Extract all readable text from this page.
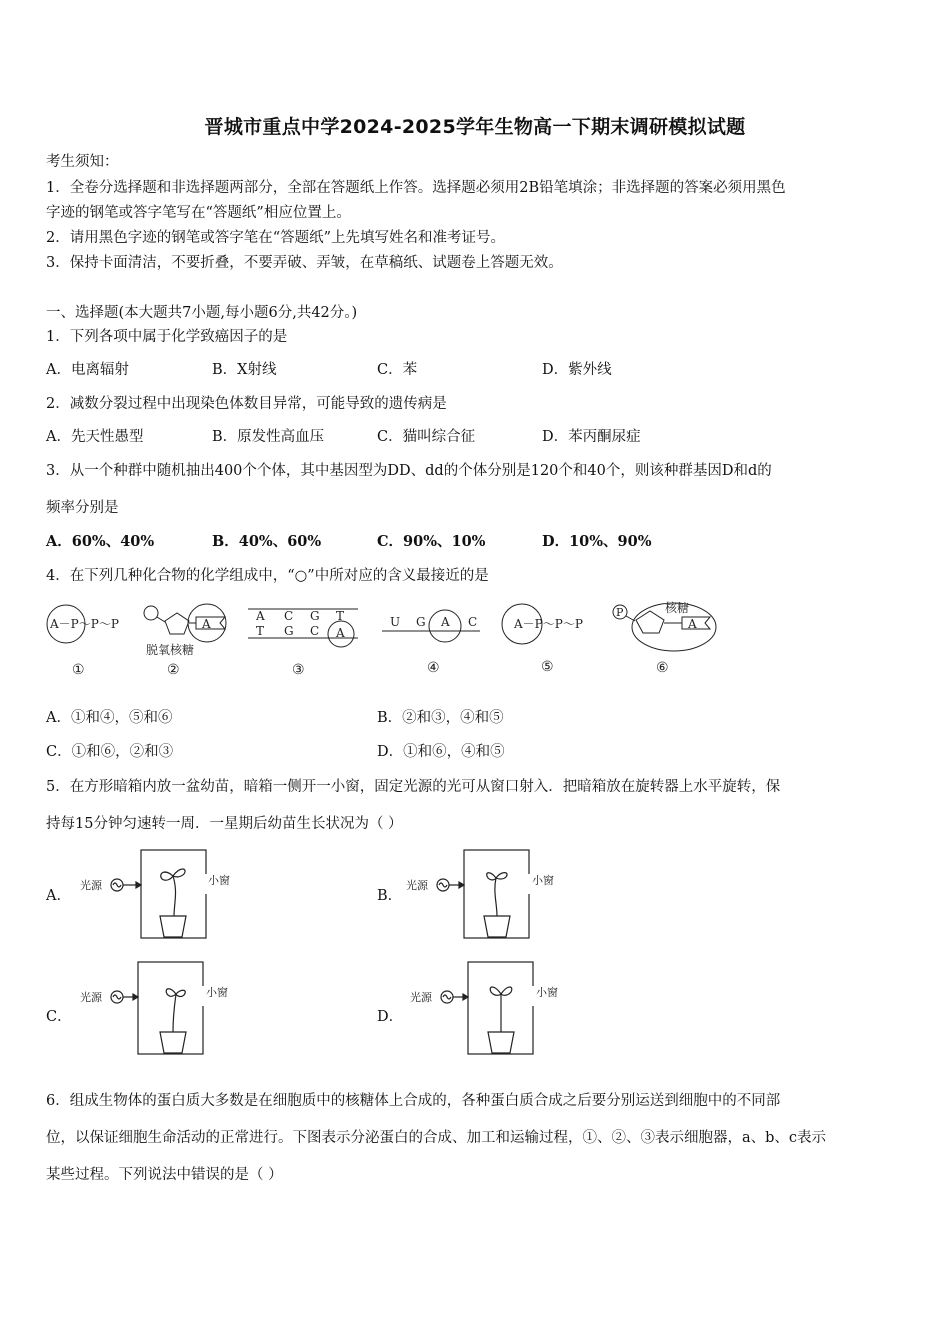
晋城市重点中学2024-2025学年生物高一下期末调研模拟试题
考生须知：
1．全卷分选择题和非选择题两部分，全部在答题纸上作答。选择题必须用2B铅笔填涂；非选择题的答案必须用黑色
字迹的钢笔或答字笔写在“答题纸”相应位置上。
2．请用黑色字迹的钢笔或答字笔在“答题纸”上先填写姓名和准考证号。
3．保持卡面清洁，不要折叠，不要弄破、弄皱，在草稿纸、试题卷上答题无效。
一、选择题(本大题共7小题,每小题6分,共42分。)
1．下列各项中属于化学致癌因子的是
A．电离辐射	B．X射线	C．苯	D．紫外线
2．减数分裂过程中出现染色体数目异常，可能导致的遗传病是
A．先天性愚型	B．原发性高血压	C．猫叫综合征	D．苯丙酮尿症
3．从一个种群中随机抽出400个个体，其中基因型为DD、dd的个体分别是120个和40个，则该种群基因D和d的
频率分别是
A．60%、40%	B．40%、60%	C．90%、10%	D．10%、90%
4．在下列几种化合物的化学组成中，“○”中所对应的含义最接近的是
A－P～P～P
①
A
脱氧核糖
②
A C G T
T G C A
③
U G A C
④
A－P～P～P
⑤
P
A
核糖
⑥
A．①和④，⑤和⑥	B．②和③，④和⑤
C．①和⑥，②和③	D．①和⑥，④和⑤
5．在方形暗箱内放一盆幼苗，暗箱一侧开一小窗，固定光源的光可从窗口射入．把暗箱放在旋转器上水平旋转，保
持每15分钟匀速转一周．一星期后幼苗生长状况为（ ）
A．
光源	小窗
B．
光源	小窗
C．
光源	小窗
D．
光源	小窗
6．组成生物体的蛋白质大多数是在细胞质中的核糖体上合成的，各种蛋白质合成之后要分别运送到细胞中的不同部
位，以保证细胞生命活动的正常进行。下图表示分泌蛋白的合成、加工和运输过程，①、②、③表示细胞器，a、b、c表示
某些过程。下列说法中错误的是（ ）
